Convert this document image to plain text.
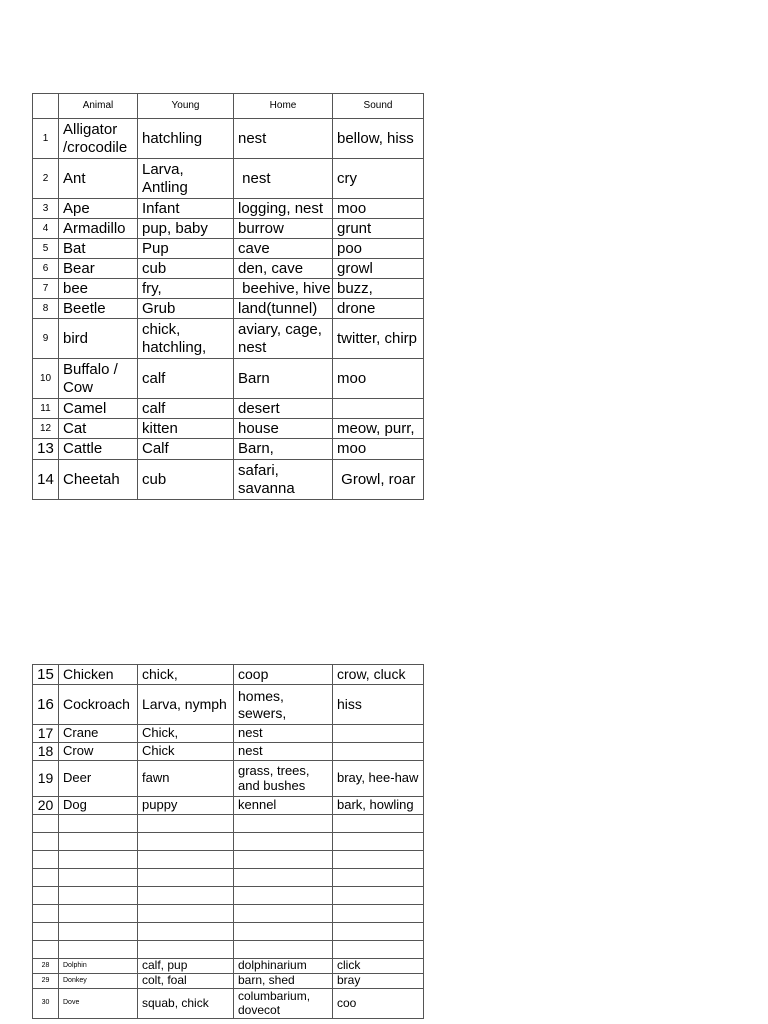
	Animal	Young	Home	Sound
1	Alligator /crocodile	hatchling	nest	bellow, hiss
2	Ant	Larva, Antling	nest	cry
3	Ape	Infant	logging, nest	moo
4	Armadillo	pup, baby	burrow	grunt
5	Bat	Pup	cave	poo
6	Bear	cub	den, cave	growl
7	bee	fry,	beehive, hive	buzz,
8	Beetle	Grub	land(tunnel)	drone
9	bird	chick, hatchling,	aviary, cage, nest	twitter, chirp
10	Buffalo / Cow	calf	Barn	moo
11	Camel	calf	desert	
12	Cat	kitten	house	meow, purr,
13	Cattle	Calf	Barn,	moo
14	Cheetah	cub	safari, savanna	Growl, roar
15	Chicken	chick,	coop	crow, cluck
16	Cockroach	Larva, nymph	homes, sewers,	hiss
17	Crane	Chick,	nest	
18	Crow	Chick	nest	
19	Deer	fawn	grass, trees, and bushes	bray, hee-haw
20	Dog	puppy	kennel	bark, howling

28	Dolphin	calf, pup	dolphinarium	click
29	Donkey	colt, foal	barn, shed	bray
30	Dove	squab, chick	columbarium, dovecot	coo
